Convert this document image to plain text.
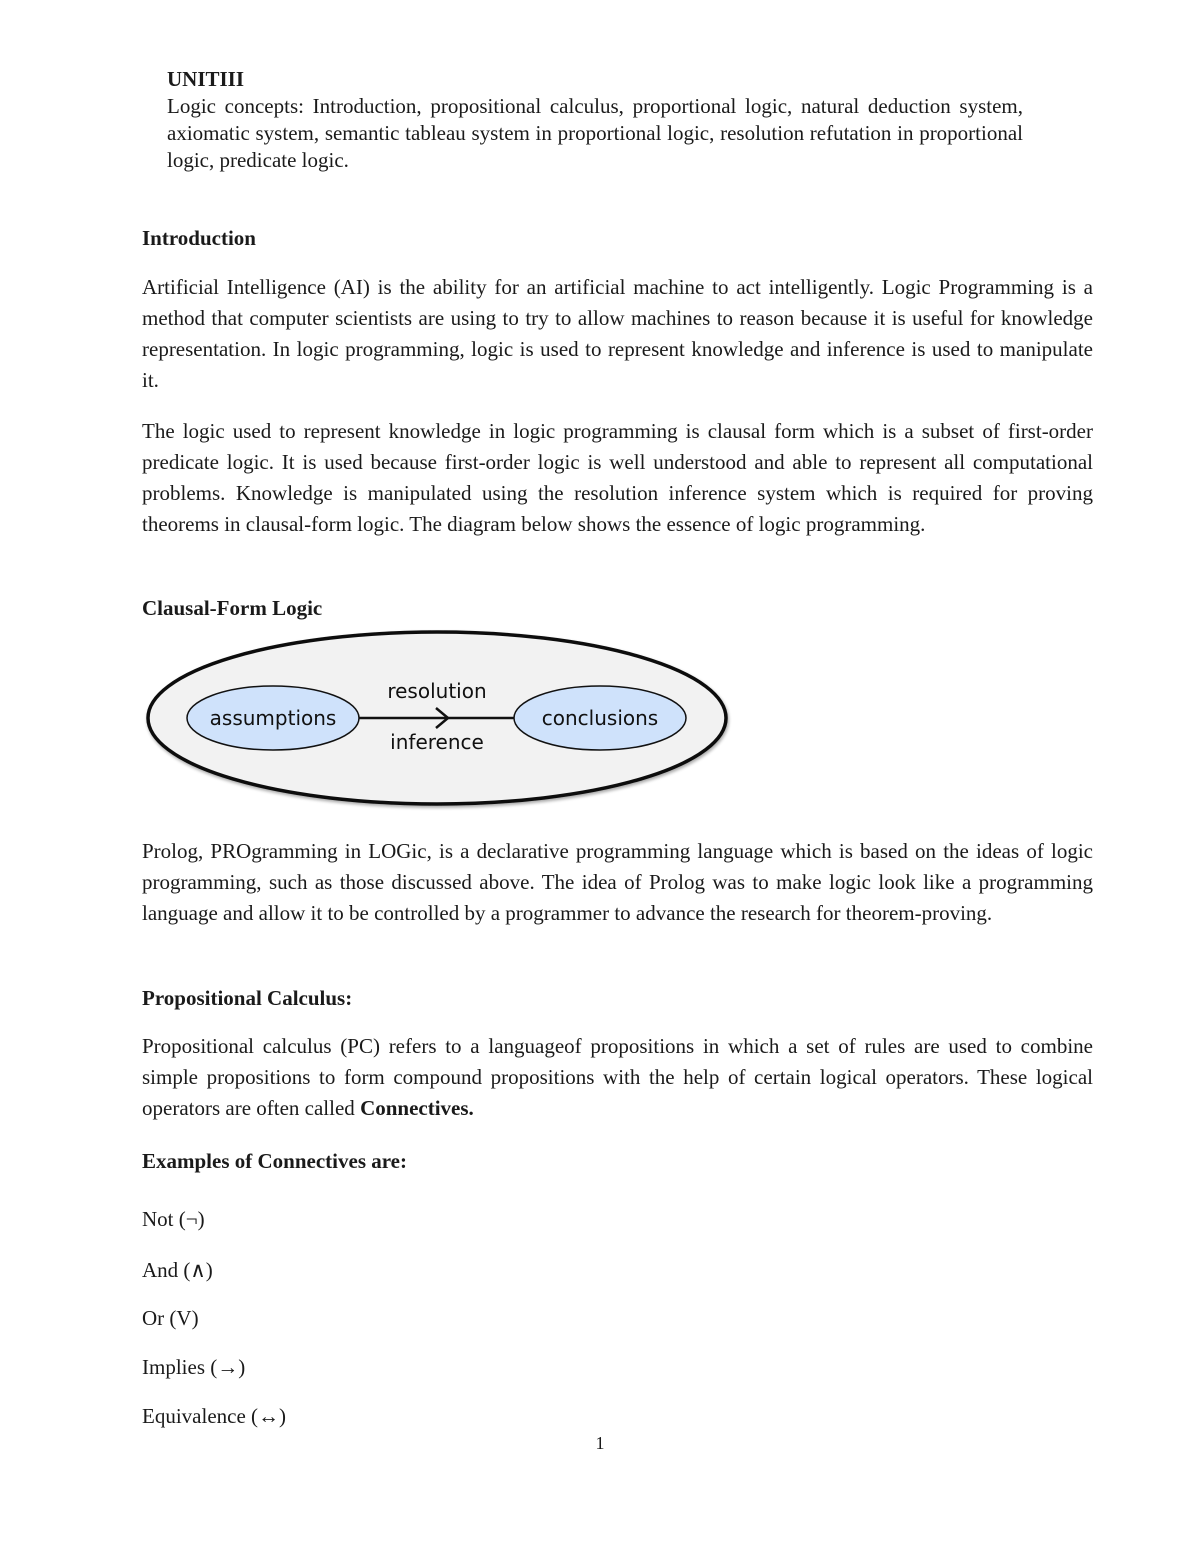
UNITIII
Logic concepts: Introduction, propositional calculus, proportional logic, natural deduction system, axiomatic system, semantic tableau system in proportional logic, resolution refutation in proportional logic, predicate logic.
Introduction
Artificial Intelligence (AI) is the ability for an artificial machine to act intelligently. Logic Programming is a method that computer scientists are using to try to allow machines to reason because it is useful for knowledge representation. In logic programming, logic is used to represent knowledge and inference is used to manipulate it.
The logic used to represent knowledge in logic programming is clausal form which is a subset of first-order predicate logic. It is used because first-order logic is well understood and able to represent all computational problems. Knowledge is manipulated using the resolution inference system which is required for proving theorems in clausal-form logic. The diagram below shows the essence of logic programming.
Clausal-Form Logic
assumptions	conclusions
resolution
inference
Prolog, PROgramming in LOGic, is a declarative programming language which is based on the ideas of logic programming, such as those discussed above. The idea of Prolog was to make logic look like a programming language and allow it to be controlled by a programmer to advance the research for theorem-proving.
Propositional Calculus:
Propositional calculus (PC) refers to a languageof propositions in which a set of rules are used to combine simple propositions to form compound propositions with the help of certain logical operators. These logical operators are often called Connectives.
Examples of Connectives are:
Not (¬)
And (∧)
Or (V)
Implies (→)
Equivalence (↔)
1
